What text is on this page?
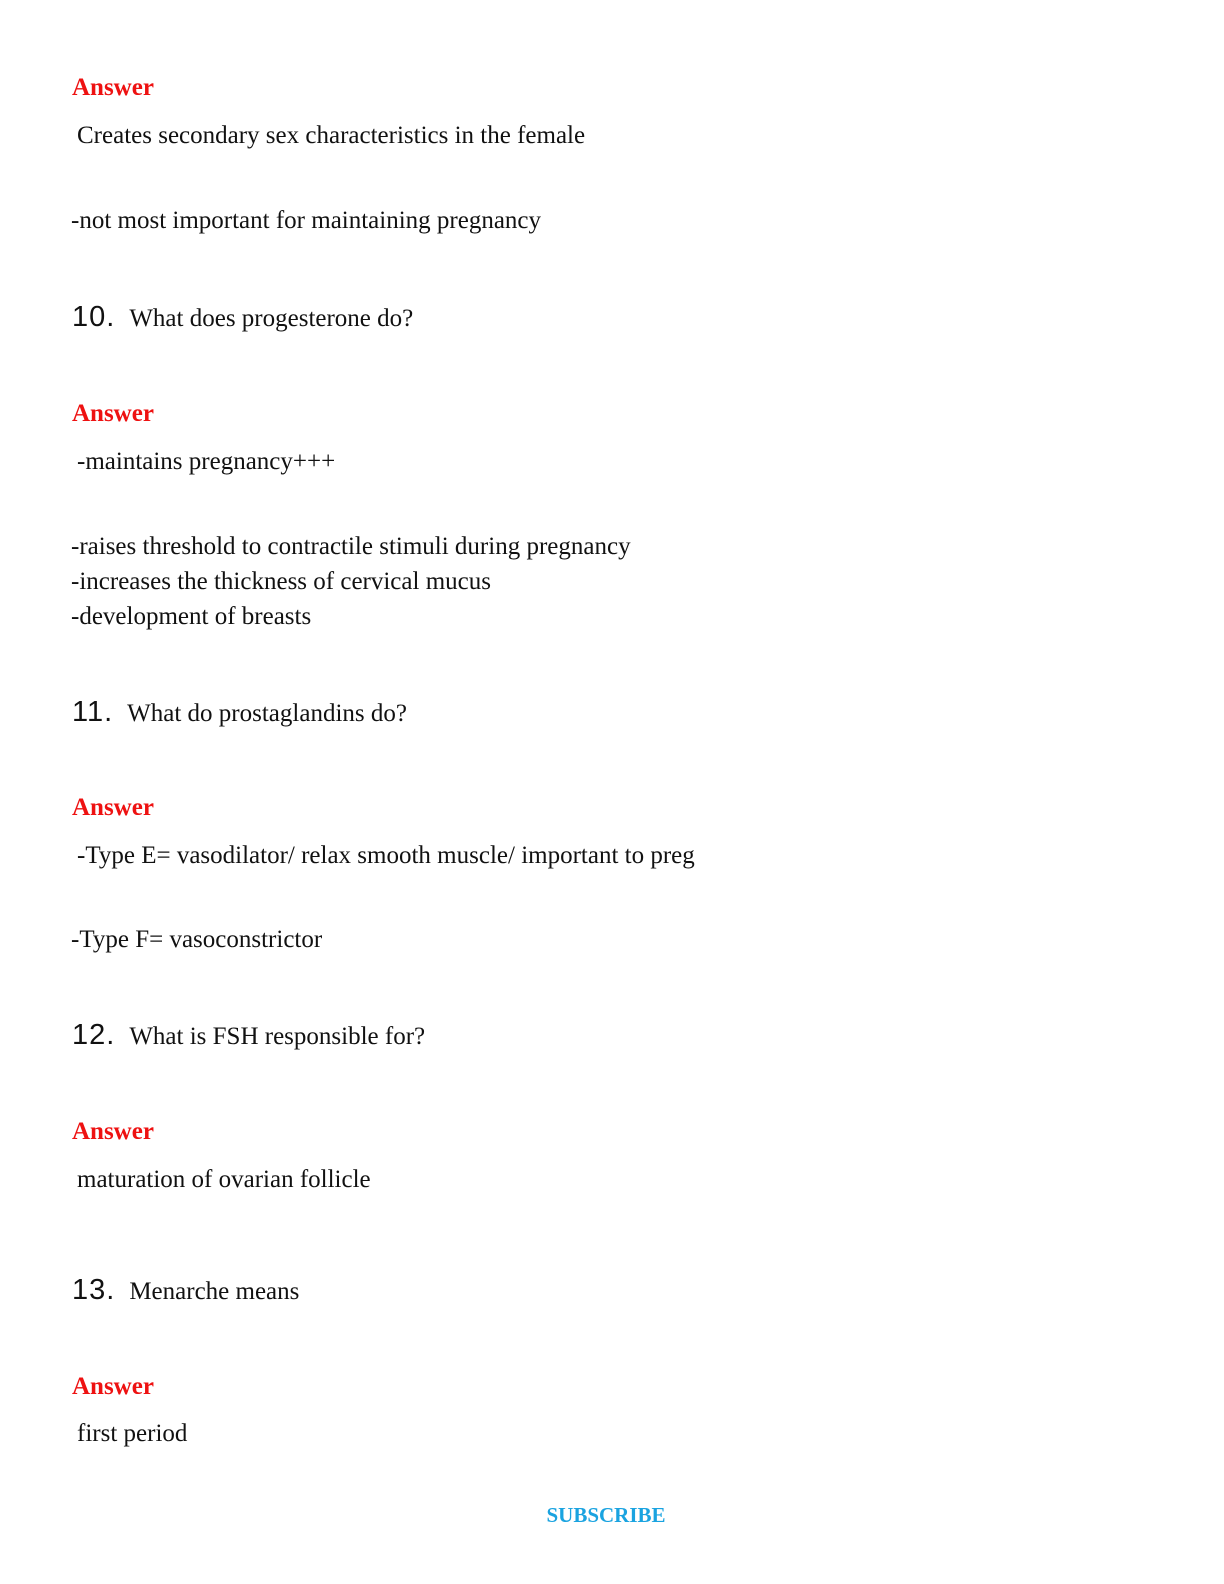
Answer
Creates secondary sex characteristics in the female
-not most important for maintaining pregnancy
10. What does progesterone do?
Answer
-maintains pregnancy+++
-raises threshold to contractile stimuli during pregnancy
-increases the thickness of cervical mucus
-development of breasts
11. What do prostaglandins do?
Answer
-Type E= vasodilator/ relax smooth muscle/ important to preg
-Type F= vasoconstrictor
12. What is FSH responsible for?
Answer
maturation of ovarian follicle
13. Menarche means
Answer
first period
SUBSCRIBE
